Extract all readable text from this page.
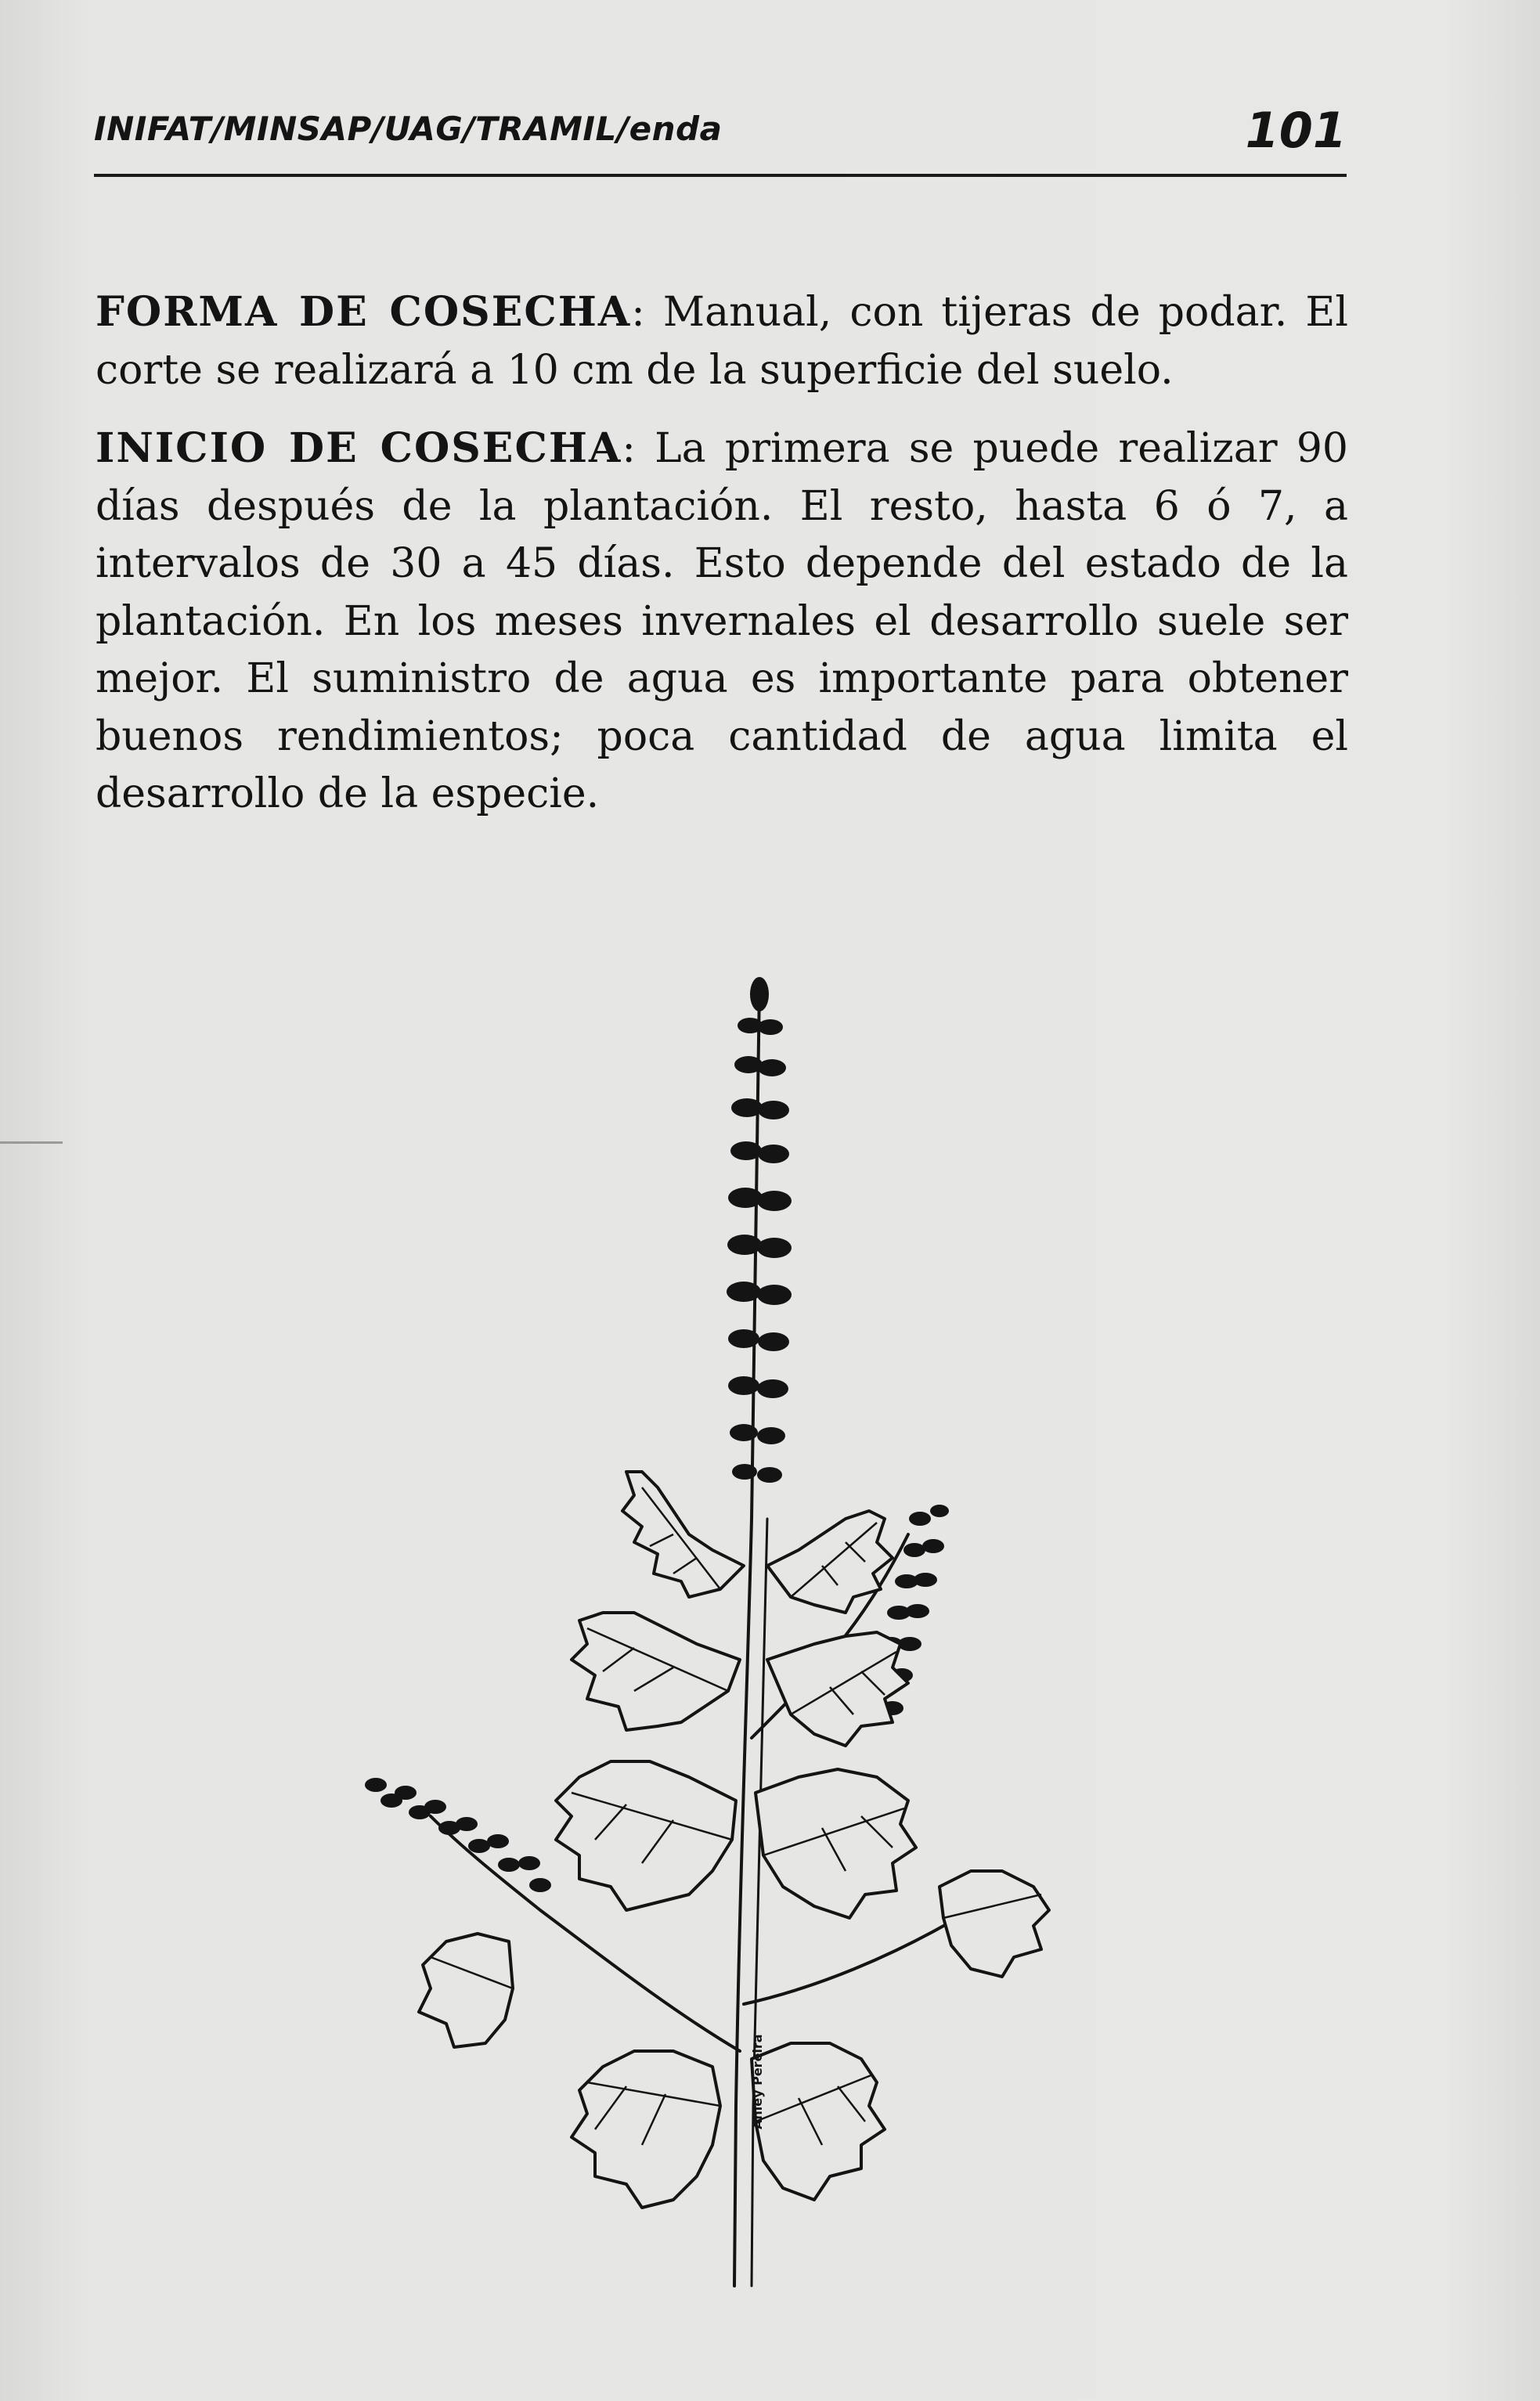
INIFAT/MINSAP/UAG/TRAMIL/enda	101

FORMA DE COSECHA: Manual, con tijeras de podar. El corte se realizará a 10 cm de la superficie del suelo.

INICIO DE COSECHA: La primera se puede realizar 90 días después de la plantación. El resto, hasta 6 ó 7, a intervalos de 30 a 45 días. Esto depende del estado de la plantación. En los meses invernales el desarrollo suele ser mejor. El suministro de agua es importante para obtener buenos rendimientos; poca cantidad de agua limita el desarrollo de la especie.

Ahley Pereira
